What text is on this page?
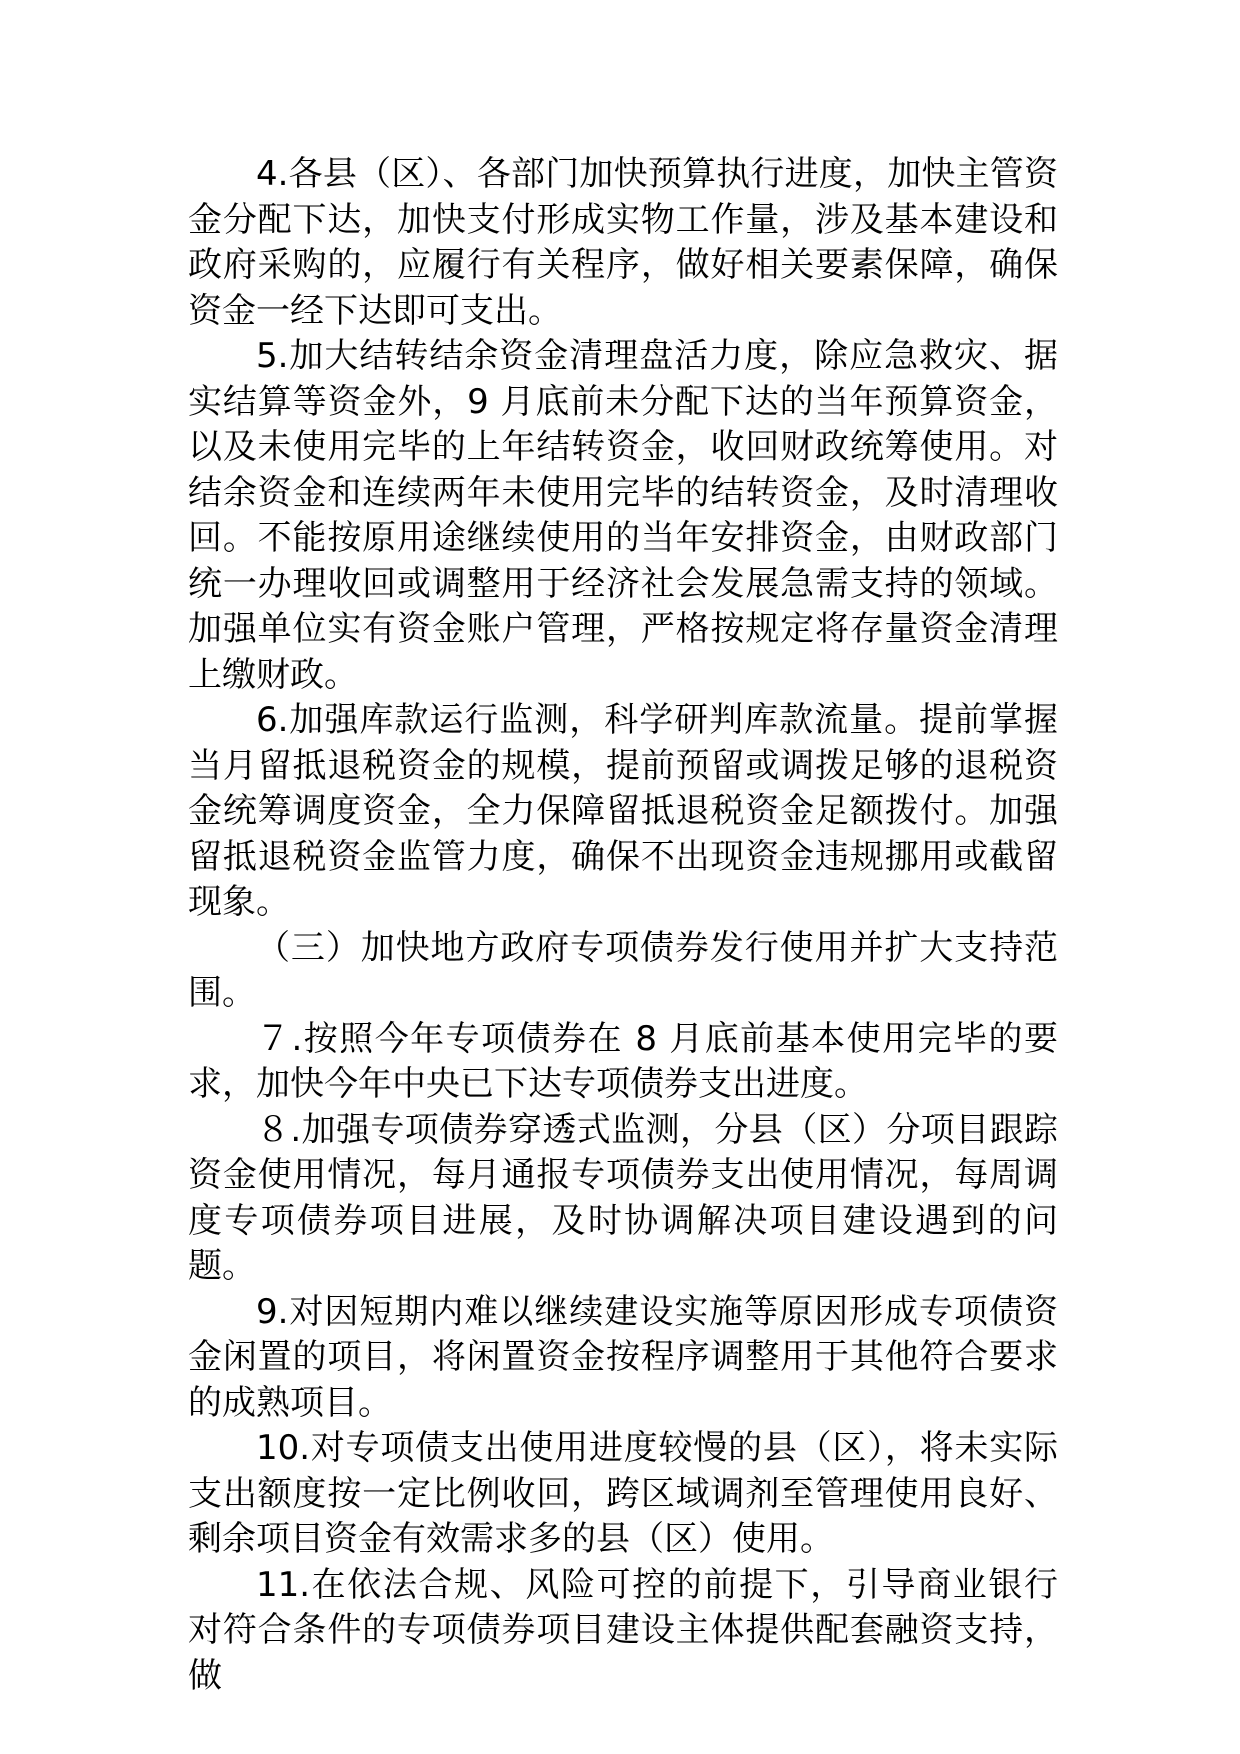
4.各县（区）、各部门加快预算执行进度，加快主管资金分配下达，加快支付形成实物工作量，涉及基本建设和政府采购的，应履行有关程序，做好相关要素保障，确保资金一经下达即可支出。

5.加大结转结余资金清理盘活力度，除应急救灾、据实结算等资金外，9 月底前未分配下达的当年预算资金，以及未使用完毕的上年结转资金，收回财政统筹使用。对结余资金和连续两年未使用完毕的结转资金，及时清理收回。不能按原用途继续使用的当年安排资金，由财政部门统一办理收回或调整用于经济社会发展急需支持的领域。加强单位实有资金账户管理，严格按规定将存量资金清理上缴财政。

6.加强库款运行监测，科学研判库款流量。提前掌握当月留抵退税资金的规模，提前预留或调拨足够的退税资金统筹调度资金，全力保障留抵退税资金足额拨付。加强留抵退税资金监管力度，确保不出现资金违规挪用或截留现象。

（三）加快地方政府专项债券发行使用并扩大支持范围。

７.按照今年专项债券在 8 月底前基本使用完毕的要求，加快今年中央已下达专项债券支出进度。

８.加强专项债券穿透式监测，分县（区）分项目跟踪资金使用情况，每月通报专项债券支出使用情况，每周调度专项债券项目进展，及时协调解决项目建设遇到的问题。

9.对因短期内难以继续建设实施等原因形成专项债资金闲置的项目，将闲置资金按程序调整用于其他符合要求的成熟项目。

10.对专项债支出使用进度较慢的县（区），将未实际支出额度按一定比例收回，跨区域调剂至管理使用良好、剩余项目资金有效需求多的县（区）使用。

11.在依法合规、风险可控的前提下，引导商业银行对符合条件的专项债券项目建设主体提供配套融资支持，做
